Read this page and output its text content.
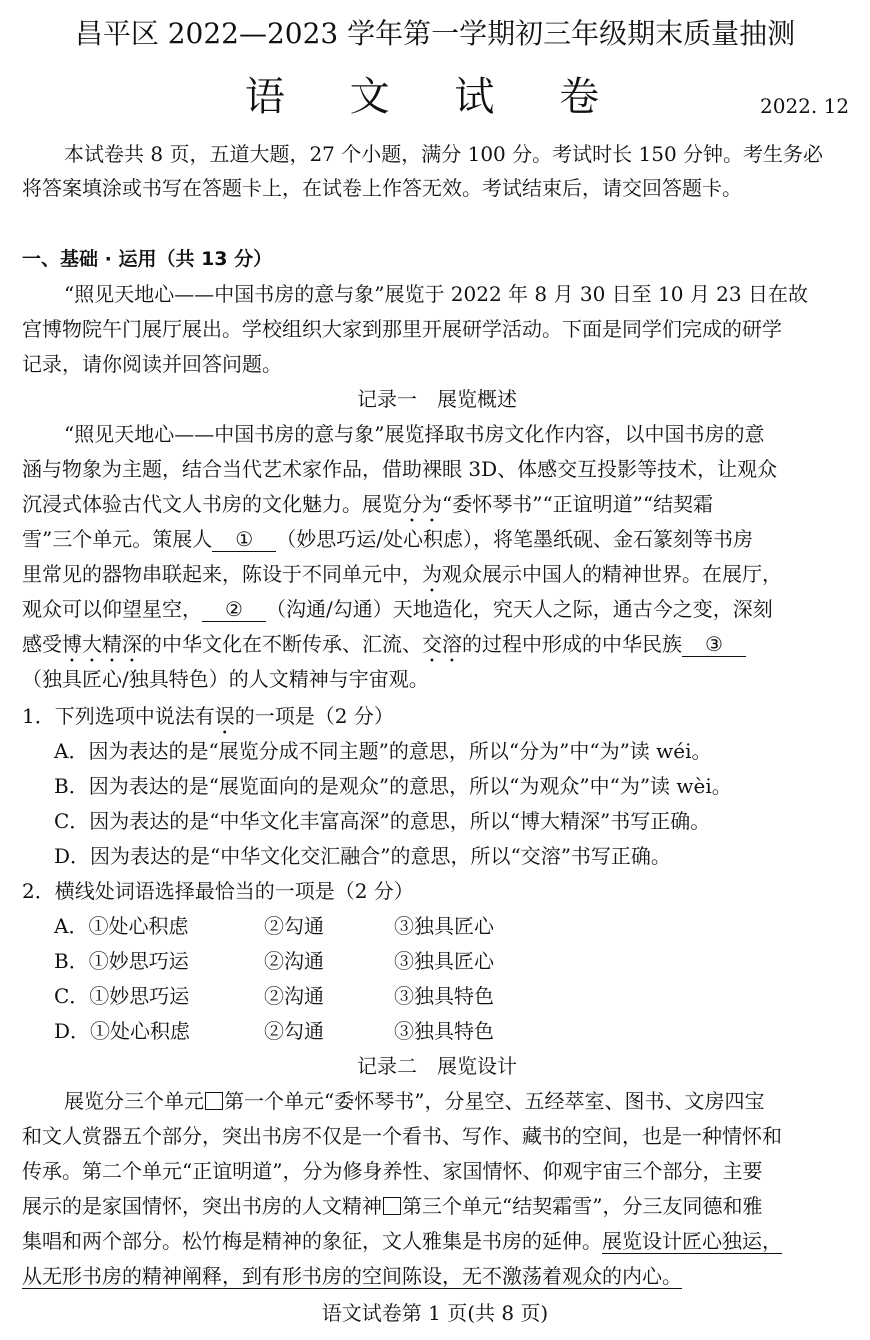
昌平区 2022—2023 学年第一学期初三年级期末质量抽测
语 文 试 卷	2022. 12
本试卷共 8 页，五道大题，27 个小题，满分 100 分。考试时长 150 分钟。考生务必
将答案填涂或书写在答题卡上，在试卷上作答无效。考试结束后，请交回答题卡。
一、基础 · 运用（共 13 分）
“照见天地心——中国书房的意与象”展览于 2022 年 8 月 30 日至 10 月 23 日在故
宫博物院午门展厅展出。学校组织大家到那里开展研学活动。下面是同学们完成的研学
记录，请你阅读并回答问题。
记录一　展览概述
“照见天地心——中国书房的意与象”展览择取书房文化作内容，以中国书房的意
涵与物象为主题，结合当代艺术家作品，借助裸眼 3D、体感交互投影等技术，让观众
沉浸式体验古代文人书房的文化魅力。展览分为“委怀琴书”“正谊明道”“结契霜
雪”三个单元。策展人 ① （妙思巧运/处心积虑），将笔墨纸砚、金石篆刻等书房
里常见的器物串联起来，陈设于不同单元中，为观众展示中国人的精神世界。在展厅，
观众可以仰望星空， ② （沟通/勾通）天地造化，究天人之际，通古今之变，深刻
感受博大精深的中华文化在不断传承、汇流、交溶的过程中形成的中华民族 ③
（独具匠心/独具特色）的人文精神与宇宙观。
1．下列选项中说法有误的一项是（2 分）
A．因为表达的是“展览分成不同主题”的意思，所以“分为”中“为”读 wéi。
B．因为表达的是“展览面向的是观众”的意思，所以“为观众”中“为”读 wèi。
C．因为表达的是“中华文化丰富高深”的意思，所以“博大精深”书写正确。
D．因为表达的是“中华文化交汇融合”的意思，所以“交溶”书写正确。
2．横线处词语选择最恰当的一项是（2 分）
A．①处心积虑	②勾通	③独具匠心
B．①妙思巧运	②沟通	③独具匠心
C．①妙思巧运	②沟通	③独具特色
D．①处心积虑	②勾通	③独具特色
记录二　展览设计
展览分三个单元 第一个单元“委怀琴书”，分星空、五经萃室、图书、文房四宝
和文人赏器五个部分，突出书房不仅是一个看书、写作、藏书的空间，也是一种情怀和
传承。第二个单元“正谊明道”，分为修身养性、家国情怀、仰观宇宙三个部分，主要
展示的是家国情怀，突出书房的人文精神 第三个单元“结契霜雪”，分三友同德和雅
集唱和两个部分。松竹梅是精神的象征，文人雅集是书房的延伸。展览设计匠心独运，
从无形书房的精神阐释，到有形书房的空间陈设，无不激荡着观众的内心。
语文试卷第 1 页(共 8 页)
